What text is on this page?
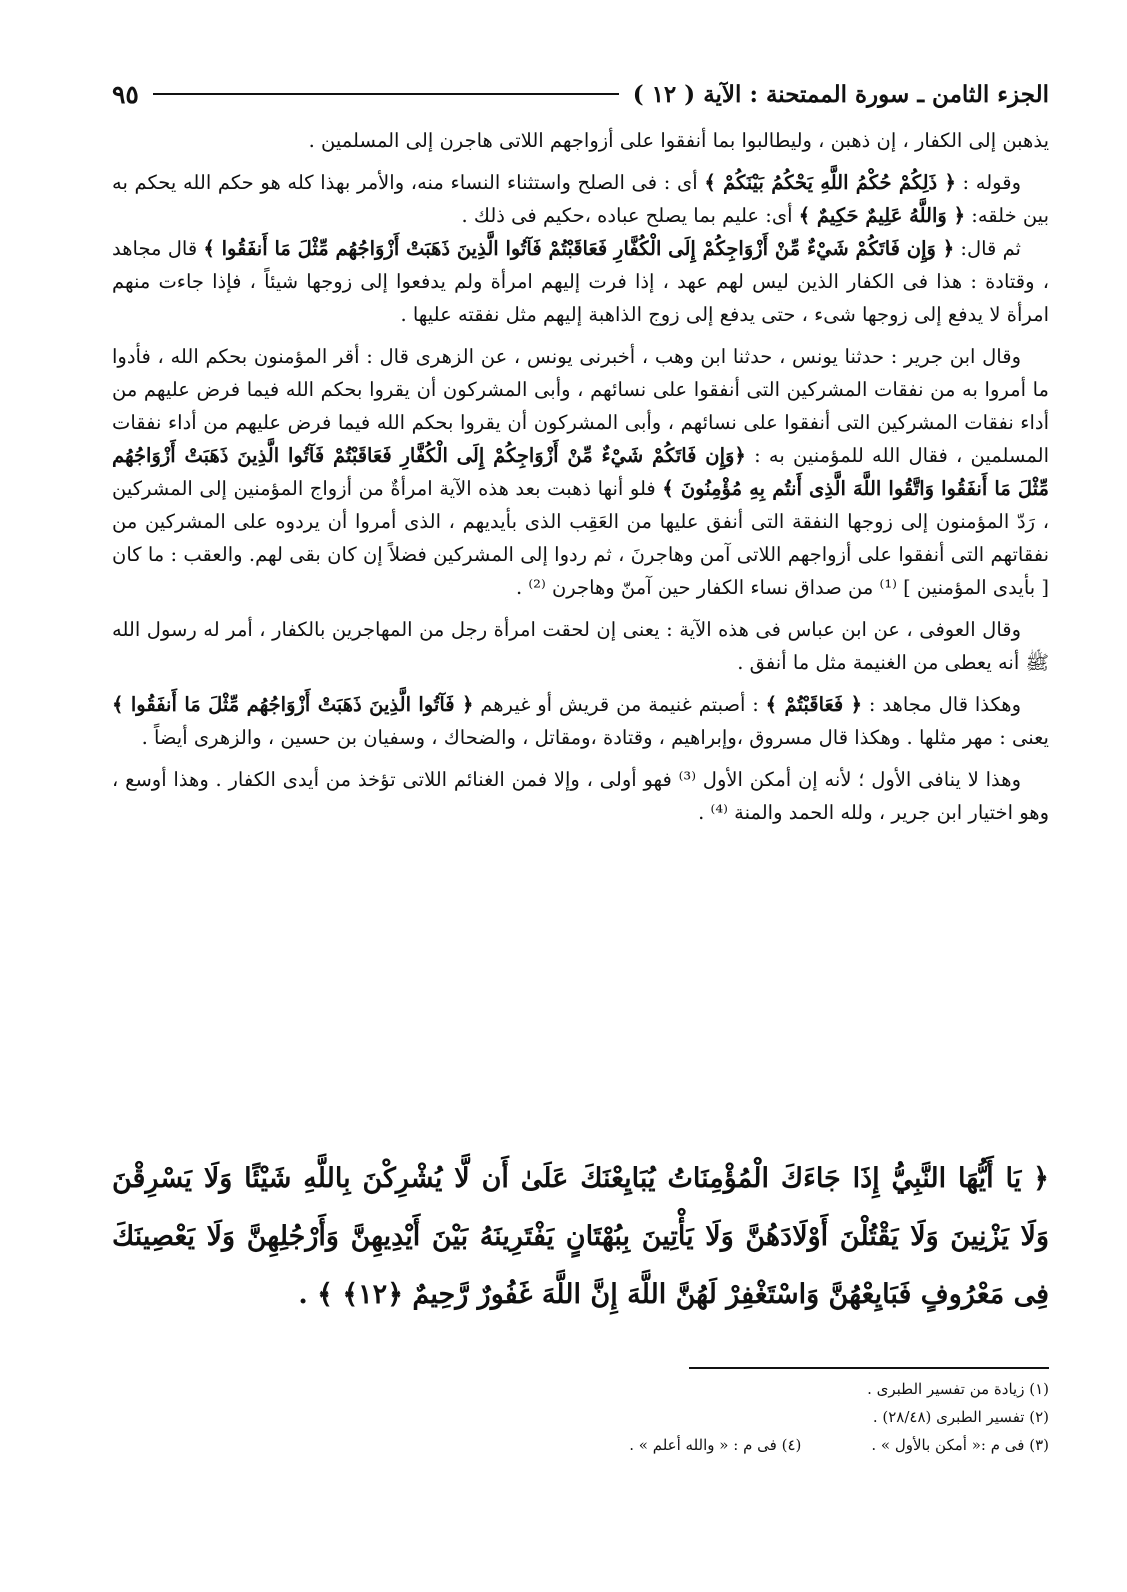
الجزء الثامن ـ سورة الممتحنة : الآية ( ١٢ )
٩٥

يذهبن إلى الكفار ، إن ذهبن ، وليطالبوا بما أنفقوا على أزواجهم اللاتى هاجرن إلى المسلمين .

وقوله : ﴿ ذَلِكُمْ حُكْمُ اللَّهِ يَحْكُمُ بَيْنَكُمْ ﴾ أى : فى الصلح واستثناء النساء منه، والأمر بهذا كله هو حكم الله يحكم به بين خلقه: ﴿ وَاللَّهُ عَلِيمٌ حَكِيمٌ ﴾ أى: عليم بما يصلح عباده ،حكيم فى ذلك .

ثم قال: ﴿ وَإِن فَاتَكُمْ شَيْءٌ مِّنْ أَزْوَاجِكُمْ إِلَى الْكُفَّارِ فَعَاقَبْتُمْ فَآتُوا الَّذِينَ ذَهَبَتْ أَزْوَاجُهُم مِّثْلَ مَا أَنفَقُوا ﴾ قال مجاهد ، وقتادة : هذا فى الكفار الذين ليس لهم عهد ، إذا فرت إليهم امرأة ولم يدفعوا إلى زوجها شيئاً ، فإذا جاءت منهم امرأة لا يدفع إلى زوجها شىء ، حتى يدفع إلى زوج الذاهبة إليهم مثل نفقته عليها .

وقال ابن جرير : حدثنا يونس ، حدثنا ابن وهب ، أخبرنى يونس ، عن الزهرى قال : أقر المؤمنون بحكم الله ، فأدوا ما أمروا به من نفقات المشركين التى أنفقوا على نسائهم ، وأبى المشركون أن يقروا بحكم الله فيما فرض عليهم من أداء نفقات المشركين التى أنفقوا على نسائهم ، وأبى المشركون أن يقروا بحكم الله فيما فرض عليهم من أداء نفقات المسلمين ، فقال الله للمؤمنين به : ﴿وَإِن فَاتَكُمْ شَيْءٌ مِّنْ أَزْوَاجِكُمْ إِلَى الْكُفَّارِ فَعَاقَبْتُمْ فَآتُوا الَّذِينَ ذَهَبَتْ أَزْوَاجُهُم مِّثْلَ مَا أَنفَقُوا وَاتَّقُوا اللَّهَ الَّذِى أَنتُم بِهِ مُؤْمِنُونَ ﴾ فلو أنها ذهبت بعد هذه الآية امرأةٌ من أزواج المؤمنين إلى المشركين ، رَدّ المؤمنون إلى زوجها النفقة التى أنفق عليها من العَقِب الذى بأيديهم ، الذى أمروا أن يردوه على المشركين من نفقاتهم التى أنفقوا على أزواجهم اللاتى آمن وهاجرنَ ، ثم ردوا إلى المشركين فضلاً إن كان بقى لهم. والعقب : ما كان [ بأيدى المؤمنين ] ⁽¹⁾ من صداق نساء الكفار حين آمنّ وهاجرن ⁽²⁾ .

وقال العوفى ، عن ابن عباس فى هذه الآية : يعنى إن لحقت امرأة رجل من المهاجرين بالكفار ، أمر له رسول الله ﷺ أنه يعطى من الغنيمة مثل ما أنفق .

وهكذا قال مجاهد : ﴿ فَعَاقَبْتُمْ ﴾ : أصبتم غنيمة من قريش أو غيرهم ﴿ فَآتُوا الَّذِينَ ذَهَبَتْ أَزْوَاجُهُم مِّثْلَ مَا أَنفَقُوا ﴾ يعنى : مهر مثلها . وهكذا قال مسروق ،وإبراهيم ، وقتادة ،ومقاتل ، والضحاك ، وسفيان بن حسين ، والزهرى أيضاً .

وهذا لا ينافى الأول ؛ لأنه إن أمكن الأول ⁽³⁾ فهو أولى ، وإلا فمن الغنائم اللاتى تؤخذ من أيدى الكفار . وهذا أوسع ، وهو اختيار ابن جرير ، ولله الحمد والمنة ⁽⁴⁾ .

﴿ يَا أَيُّهَا النَّبِيُّ إِذَا جَاءَكَ الْمُؤْمِنَاتُ يُبَايِعْنَكَ عَلَىٰ أَن لَّا يُشْرِكْنَ بِاللَّهِ شَيْئًا وَلَا يَسْرِقْنَ وَلَا يَزْنِينَ وَلَا يَقْتُلْنَ أَوْلَادَهُنَّ وَلَا يَأْتِينَ بِبُهْتَانٍ يَفْتَرِينَهُ بَيْنَ أَيْدِيهِنَّ وَأَرْجُلِهِنَّ وَلَا يَعْصِينَكَ فِى مَعْرُوفٍ فَبَايِعْهُنَّ وَاسْتَغْفِرْ لَهُنَّ اللَّهَ إِنَّ اللَّهَ غَفُورٌ رَّحِيمٌ ﴿١٢﴾ ﴾ .

(١) زيادة من تفسير الطبرى .
(٢) تفسير الطبرى (٢٨/٤٨) .
(٣) فى م :« أمكن بالأول » .
(٤) فى م : « والله أعلم » .
